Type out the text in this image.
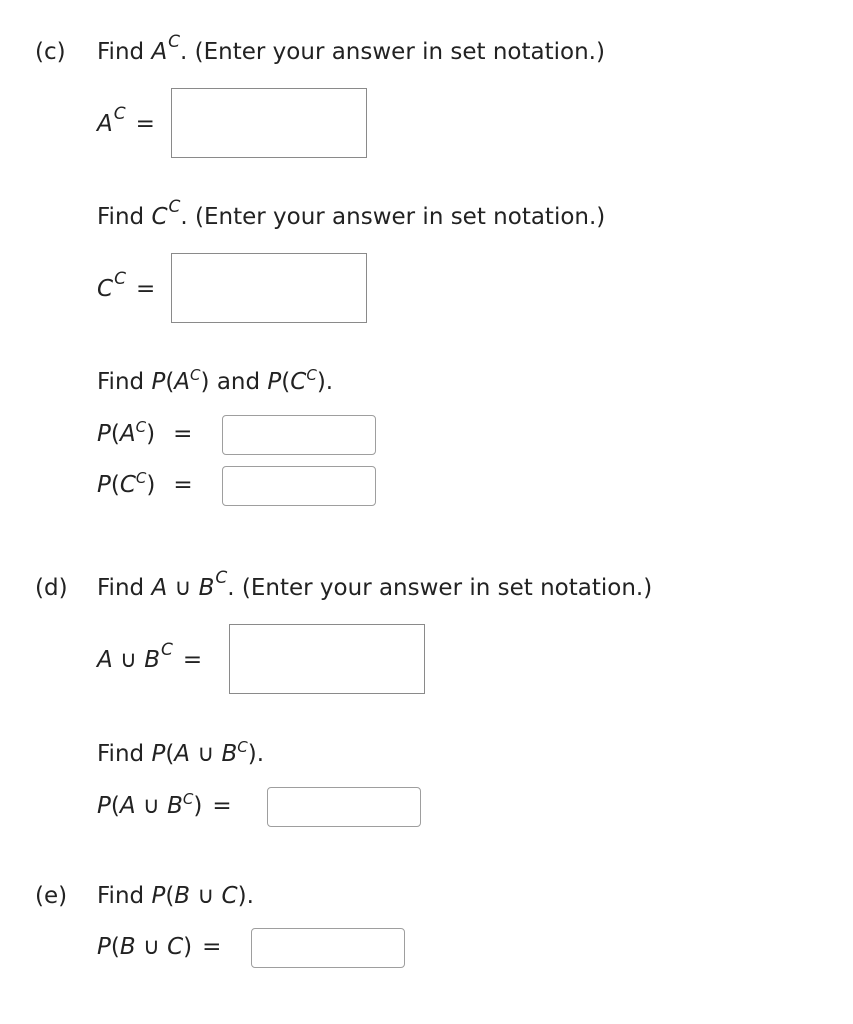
(c) Find $A^C$. (Enter your answer in set notation.)
$A^C$ =
Find $C^C$. (Enter your answer in set notation.)
$C^C$ =
Find $P(A^C)$ and $P(C^C)$.
$P(A^C)$ =
$P(C^C)$ =
(d) Find A ∪ $B^C$. (Enter your answer in set notation.)
A ∪ $B^C$ =
Find P(A ∪ $B^C$).
P(A ∪ $B^C$) =
(e) Find P(B ∪ C).
P(B ∪ C) =
